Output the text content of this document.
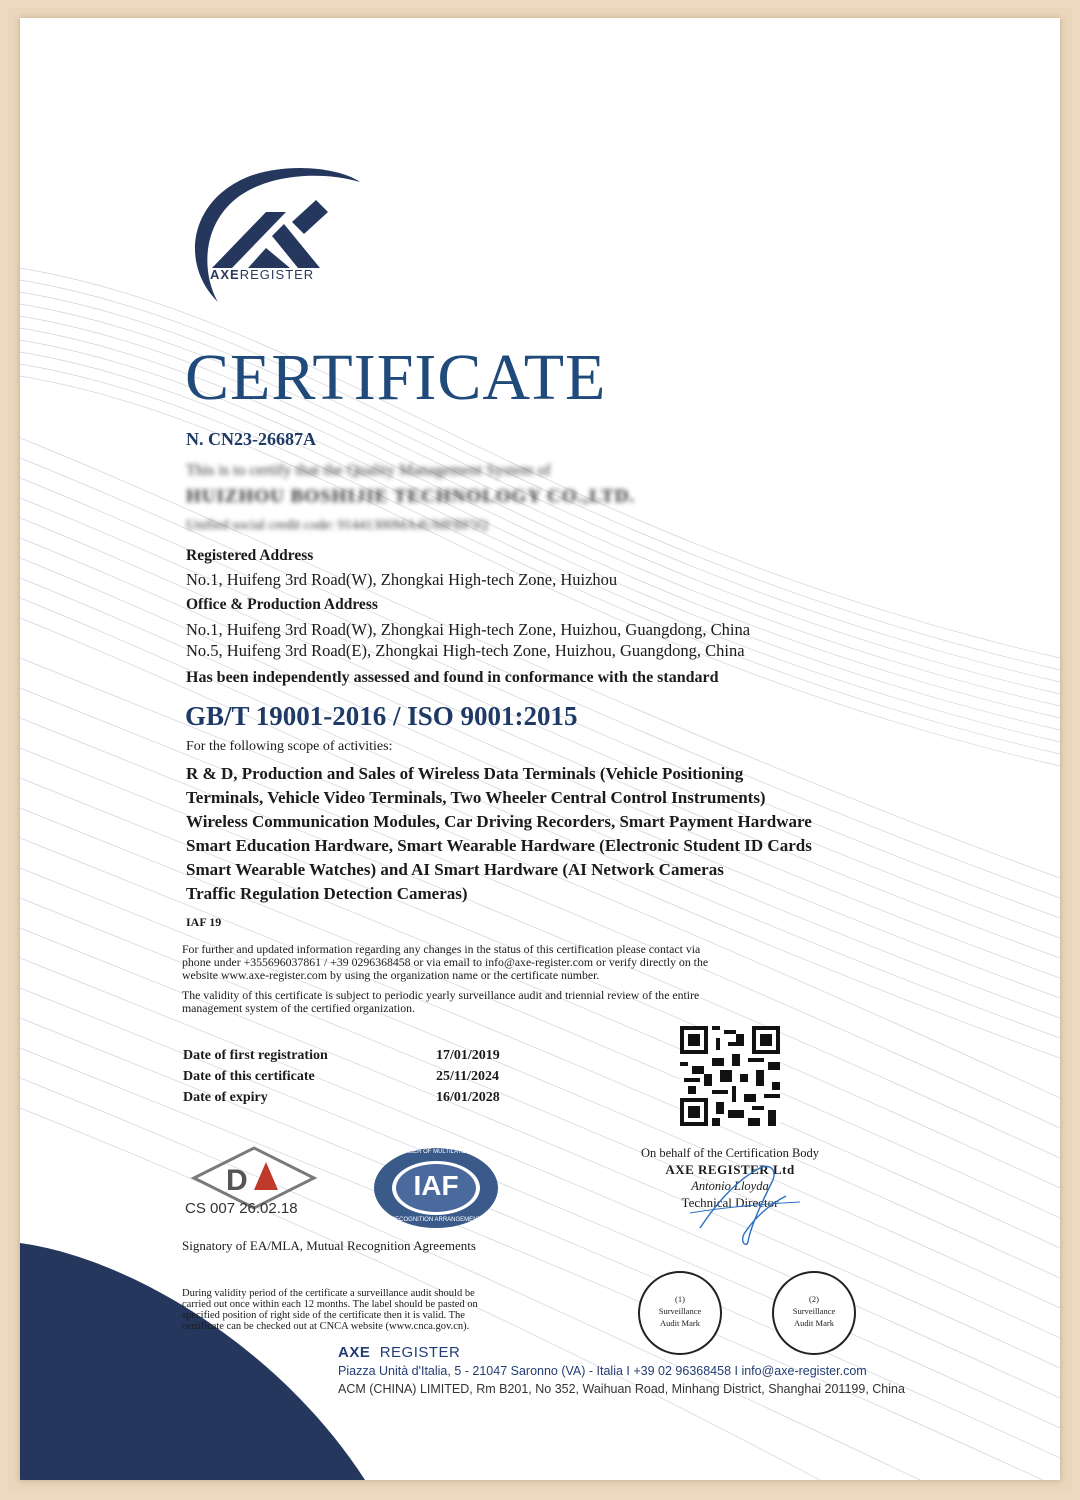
AXEREGISTER
CERTIFICATE
N. CN23-26687A
This is to certify that the Quality Management System of
HUIZHOU BOSHIJIE TECHNOLOGY CO.,LTD.
Unified social credit code: 91441300MA4UMFBF5Q
Registered Address
No.1, Huifeng 3rd Road(W), Zhongkai High-tech Zone, Huizhou
Office & Production Address
No.1, Huifeng 3rd Road(W), Zhongkai High-tech Zone, Huizhou, Guangdong, China
No.5, Huifeng 3rd Road(E), Zhongkai High-tech Zone, Huizhou, Guangdong, China
Has been independently assessed and found in conformance with the standard
GB/T 19001-2016 / ISO 9001:2015
For the following scope of activities:
R & D, Production and Sales of Wireless Data Terminals (Vehicle Positioning
Terminals, Vehicle Video Terminals, Two Wheeler Central Control Instruments)
Wireless Communication Modules, Car Driving Recorders, Smart Payment Hardware
Smart Education Hardware, Smart Wearable Hardware (Electronic Student ID Cards
Smart Wearable Watches) and AI Smart Hardware (AI Network Cameras
Traffic Regulation Detection Cameras)
IAF 19
For further and updated information regarding any changes in the status of this certification please contact via
phone under +355696037861 / +39 0296368458 or via email to info@axe-register.com or verify directly on the
website www.axe-register.com by using the organization name or the certificate number.
The validity of this certificate is subject to periodic yearly surveillance audit and triennial review of the entire
management system of the certified organization.
Date of first registration	17/01/2019
Date of this certificate	25/11/2024
Date of expiry	16/01/2028
On behalf of the Certification Body
AXE REGISTER Ltd
Antonio Lloyda
Technical Director
D
CS 007 26.02.18
IAF
MEMBER OF MULTILATERAL
RECOGNITION ARRANGEMENT
Signatory of EA/MLA, Mutual Recognition Agreements
During validity period of the certificate a surveillance audit should be
carried out once within each 12 months. The label should be pasted on
specified position of right side of the certificate then it is valid. The
certificate can be checked out at CNCA website (www.cnca.gov.cn).
(1)
Surveillance
Audit Mark
(2)
Surveillance
Audit Mark
AXE REGISTER
Piazza Unità d'Italia, 5 - 21047 Saronno (VA) - Italia I +39 02 96368458 I info@axe-register.com
ACM (CHINA) LIMITED, Rm B201, No 352, Waihuan Road, Minhang District, Shanghai 201199, China
